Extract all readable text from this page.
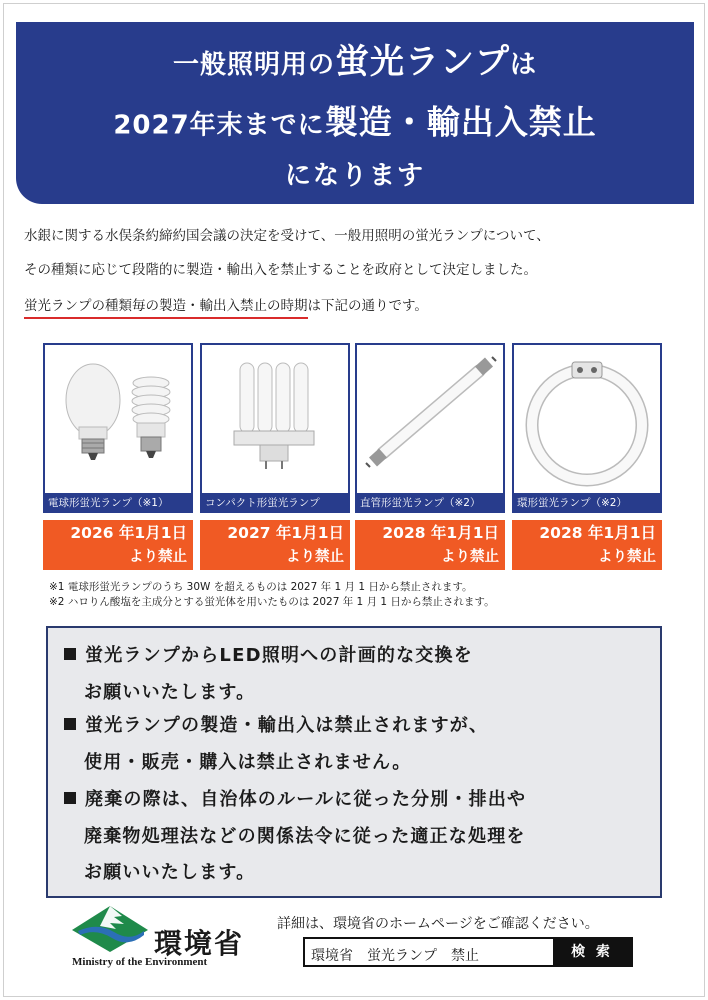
一般照明用の蛍光ランプは
2027年末までに製造・輸出入禁止
になります

水銀に関する水俣条約締約国会議の決定を受けて、一般用照明の蛍光ランプについて、

その種類に応じて段階的に製造・輸出入を禁止することを政府として決定しました。

蛍光ランプの種類毎の製造・輸出入禁止の時期は下記の通りです。

電球形蛍光ランプ（※1）
2026 年1月1日
より禁止
コンパクト形蛍光ランプ
2027 年1月1日
より禁止
直管形蛍光ランプ（※2）
2028 年1月1日
より禁止
環形蛍光ランプ（※2）
2028 年1月1日
より禁止
※1 電球形蛍光ランプのうち 30W を超えるものは 2027 年 1 月 1 日から禁止されます。
※2 ハロりん酸塩を主成分とする蛍光体を用いたものは 2027 年 1 月 1 日から禁止されます。
蛍光ランプからLED照明への計画的な交換を
お願いいたします。
蛍光ランプの製造・輸出入は禁止されますが、
使用・販売・購入は禁止されません。
廃棄の際は、自治体のルールに従った分別・排出や
廃棄物処理法などの関係法令に従った適正な処理を
お願いいたします。
環境省
Ministry of the Environment
詳細は、環境省のホームページをご確認ください。
環境省　蛍光ランプ　禁止	検 索
